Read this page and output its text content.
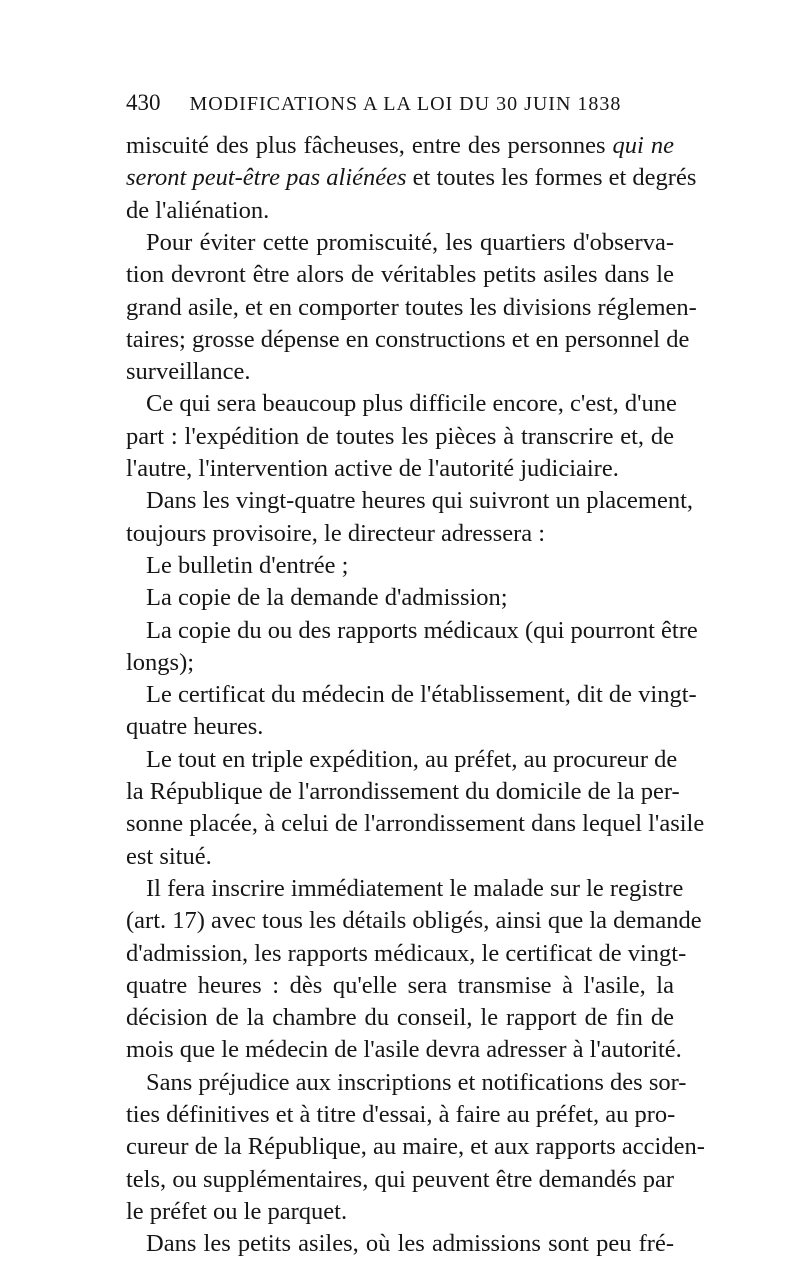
430 MODIFICATIONS A LA LOI DU 30 JUIN 1838
miscuité des plus fâcheuses, entre des personnes qui ne
seront peut-être pas aliénées et toutes les formes et degrés
de l'aliénation.
Pour éviter cette promiscuité, les quartiers d'observa-
tion devront être alors de véritables petits asiles dans le
grand asile, et en comporter toutes les divisions réglemen-
taires; grosse dépense en constructions et en personnel de
surveillance.
Ce qui sera beaucoup plus difficile encore, c'est, d'une
part : l'expédition de toutes les pièces à transcrire et, de
l'autre, l'intervention active de l'autorité judiciaire.
Dans les vingt-quatre heures qui suivront un placement,
toujours provisoire, le directeur adressera :
Le bulletin d'entrée ;
La copie de la demande d'admission;
La copie du ou des rapports médicaux (qui pourront être
longs);
Le certificat du médecin de l'établissement, dit de vingt-
quatre heures.
Le tout en triple expédition, au préfet, au procureur de
la République de l'arrondissement du domicile de la per-
sonne placée, à celui de l'arrondissement dans lequel l'asile
est situé.
Il fera inscrire immédiatement le malade sur le registre
(art. 17) avec tous les détails obligés, ainsi que la demande
d'admission, les rapports médicaux, le certificat de vingt-
quatre heures : dès qu'elle sera transmise à l'asile, la
décision de la chambre du conseil, le rapport de fin de
mois que le médecin de l'asile devra adresser à l'autorité.
Sans préjudice aux inscriptions et notifications des sor-
ties définitives et à titre d'essai, à faire au préfet, au pro-
cureur de la République, au maire, et aux rapports acciden-
tels, ou supplémentaires, qui peuvent être demandés par
le préfet ou le parquet.
Dans les petits asiles, où les admissions sont peu fré-
